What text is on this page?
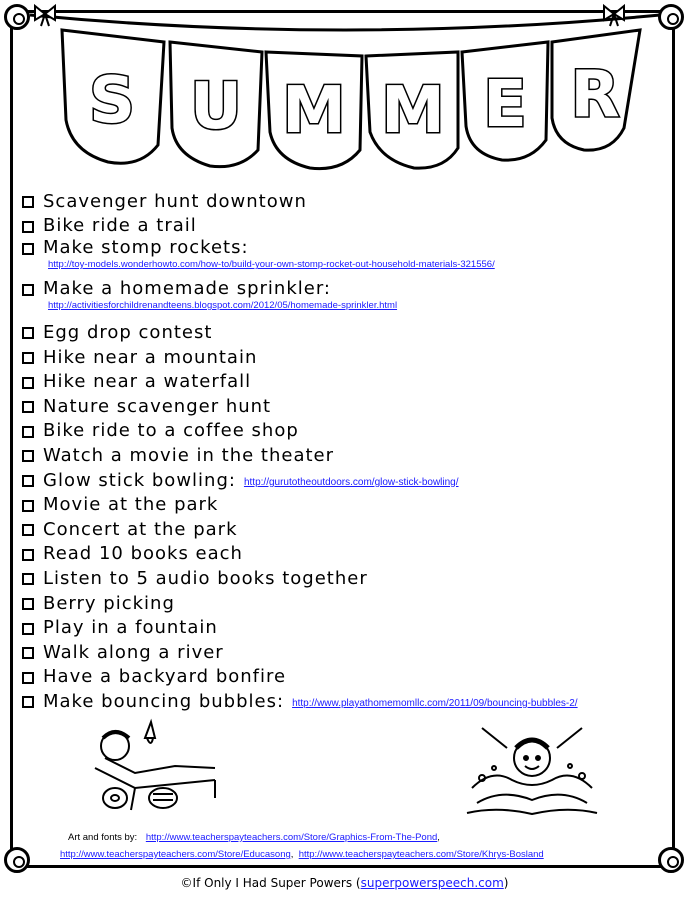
S U M M E R
Scavenger hunt downtown
Bike ride a trail
Make stomp rockets:
http://toy-models.wonderhowto.com/how-to/build-your-own-stomp-rocket-out-household-materials-321556/
Make a homemade sprinkler:
http://activitiesforchildrenandteens.blogspot.com/2012/05/homemade-sprinkler.html
Egg drop contest
Hike near a mountain
Hike near a waterfall
Nature scavenger hunt
Bike ride to a coffee shop
Watch a movie in the theater
Glow stick bowling: http://gurutotheoutdoors.com/glow-stick-bowling/
Movie at the park
Concert at the park
Read 10 books each
Listen to 5 audio books together
Berry picking
Play in a fountain
Walk along a river
Have a backyard bonfire
Make bouncing bubbles: http://www.playathomemomllc.com/2011/09/bouncing-bubbles-2/
Art and fonts by: http://www.teacherspayteachers.com/Store/Graphics-From-The-Pond,
http://www.teacherspayteachers.com/Store/Educasong,  http://www.teacherspayteachers.com/Store/Khrys-Bosland
©If Only I Had Super Powers (superpowerspeech.com)
